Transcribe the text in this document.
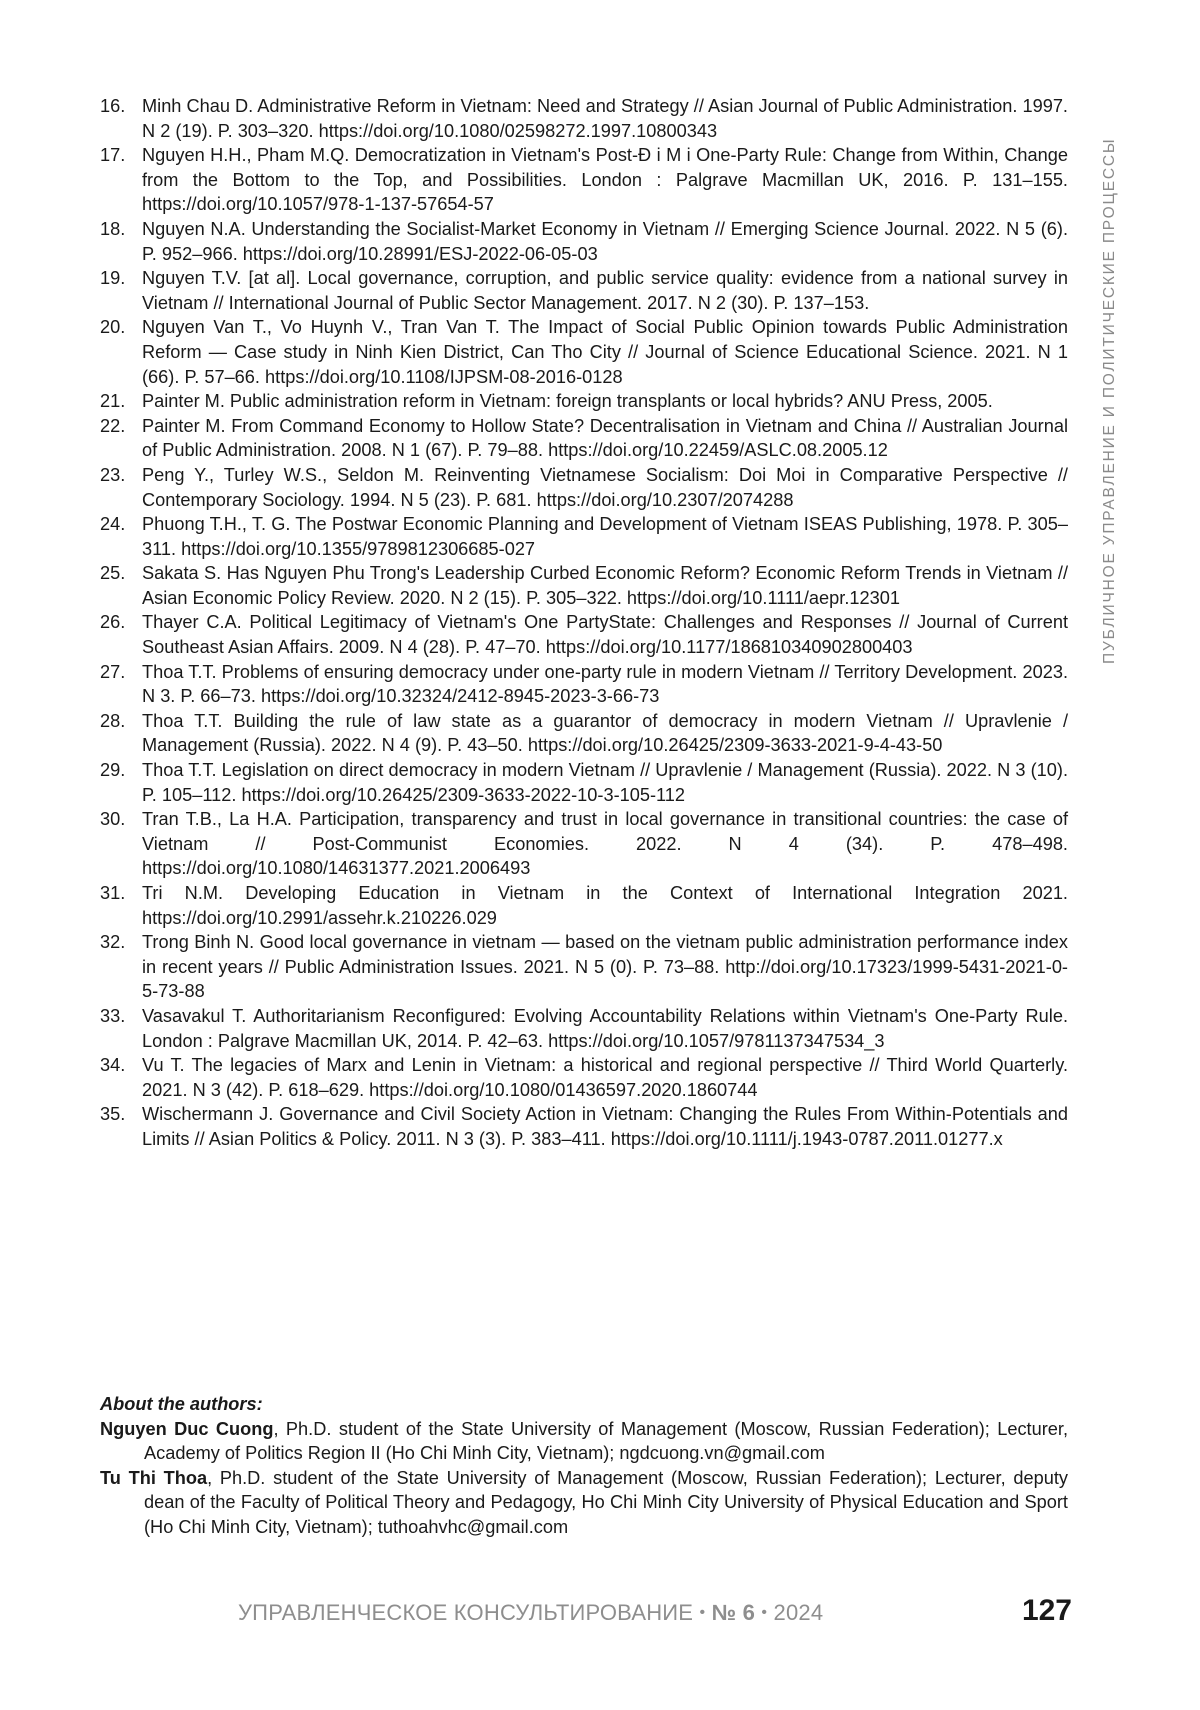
16. Minh Chau D. Administrative Reform in Vietnam: Need and Strategy // Asian Journal of Public Administration. 1997. N 2 (19). P. 303–320. https://doi.org/10.1080/02598272.1997.10800343
17. Nguyen H.H., Pham M.Q. Democratization in Vietnam's Post-Đ i M i One-Party Rule: Change from Within, Change from the Bottom to the Top, and Possibilities. London : Palgrave Macmillan UK, 2016. P. 131–155. https://doi.org/10.1057/978-1-137-57654-57
18. Nguyen N.A. Understanding the Socialist-Market Economy in Vietnam // Emerging Science Journal. 2022. N 5 (6). P. 952–966. https://doi.org/10.28991/ESJ-2022-06-05-03
19. Nguyen T.V. [at al]. Local governance, corruption, and public service quality: evidence from a national survey in Vietnam // International Journal of Public Sector Management. 2017. N 2 (30). P. 137–153.
20. Nguyen Van T., Vo Huynh V., Tran Van T. The Impact of Social Public Opinion towards Public Administration Reform — Case study in Ninh Kien District, Can Tho City // Journal of Science Educational Science. 2021. N 1 (66). P. 57–66. https://doi.org/10.1108/IJPSM-08-2016-0128
21. Painter M. Public administration reform in Vietnam: foreign transplants or local hybrids? ANU Press, 2005.
22. Painter M. From Command Economy to Hollow State? Decentralisation in Vietnam and China // Australian Journal of Public Administration. 2008. N 1 (67). P. 79–88. https://doi.org/10.22459/ASLC.08.2005.12
23. Peng Y., Turley W.S., Seldon M. Reinventing Vietnamese Socialism: Doi Moi in Comparative Perspective // Contemporary Sociology. 1994. N 5 (23). P. 681. https://doi.org/10.2307/2074288
24. Phuong T.H., T. G. The Postwar Economic Planning and Development of Vietnam ISEAS Publishing, 1978. P. 305–311. https://doi.org/10.1355/9789812306685-027
25. Sakata S. Has Nguyen Phu Trong's Leadership Curbed Economic Reform? Economic Reform Trends in Vietnam // Asian Economic Policy Review. 2020. N 2 (15). P. 305–322. https://doi.org/10.1111/aepr.12301
26. Thayer C.A. Political Legitimacy of Vietnam's One PartyState: Challenges and Responses // Journal of Current Southeast Asian Affairs. 2009. N 4 (28). P. 47–70. https://doi.org/10.1177/186810340902800403
27. Thoa T.T. Problems of ensuring democracy under one-party rule in modern Vietnam // Territory Development. 2023. N 3. P. 66–73. https://doi.org/10.32324/2412-8945-2023-3-66-73
28. Thoa T.T. Building the rule of law state as a guarantor of democracy in modern Vietnam // Upravlenie / Management (Russia). 2022. N 4 (9). P. 43–50. https://doi.org/10.26425/2309-3633-2021-9-4-43-50
29. Thoa T.T. Legislation on direct democracy in modern Vietnam // Upravlenie / Management (Russia). 2022. N 3 (10). P. 105–112. https://doi.org/10.26425/2309-3633-2022-10-3-105-112
30. Tran T.B., La H.A. Participation, transparency and trust in local governance in transitional countries: the case of Vietnam // Post-Communist Economies. 2022. N 4 (34). P. 478–498. https://doi.org/10.1080/14631377.2021.2006493
31. Tri N.M. Developing Education in Vietnam in the Context of International Integration 2021. https://doi.org/10.2991/assehr.k.210226.029
32. Trong Binh N. Good local governance in vietnam — based on the vietnam public administration performance index in recent years // Public Administration Issues. 2021. N 5 (0). P. 73–88. http://doi.org/10.17323/1999-5431-2021-0-5-73-88
33. Vasavakul T. Authoritarianism Reconfigured: Evolving Accountability Relations within Vietnam's One-Party Rule. London : Palgrave Macmillan UK, 2014. P. 42–63. https://doi.org/10.1057/9781137347534_3
34. Vu T. The legacies of Marx and Lenin in Vietnam: a historical and regional perspective // Third World Quarterly. 2021. N 3 (42). P. 618–629. https://doi.org/10.1080/01436597.2020.1860744
35. Wischermann J. Governance and Civil Society Action in Vietnam: Changing the Rules From Within-Potentials and Limits // Asian Politics & Policy. 2011. N 3 (3). P. 383–411. https://doi.org/10.1111/j.1943-0787.2011.01277.x

About the authors:

Nguyen Duc Cuong, Ph.D. student of the State University of Management (Moscow, Russian Federation); Lecturer, Academy of Politics Region II (Ho Chi Minh City, Vietnam); ngdcuong.vn@gmail.com

Tu Thi Thoa, Ph.D. student of the State University of Management (Moscow, Russian Federation); Lecturer, deputy dean of the Faculty of Political Theory and Pedagogy, Ho Chi Minh City University of Physical Education and Sport (Ho Chi Minh City, Vietnam); tuthoahvhc@gmail.com

ПУБЛИЧНОЕ УПРАВЛЕНИЕ И ПОЛИТИЧЕСКИЕ ПРОЦЕССЫ
УПРАВЛЕНЧЕСКОЕ КОНСУЛЬТИРОВАНИЕ • № 6 • 2024	127
